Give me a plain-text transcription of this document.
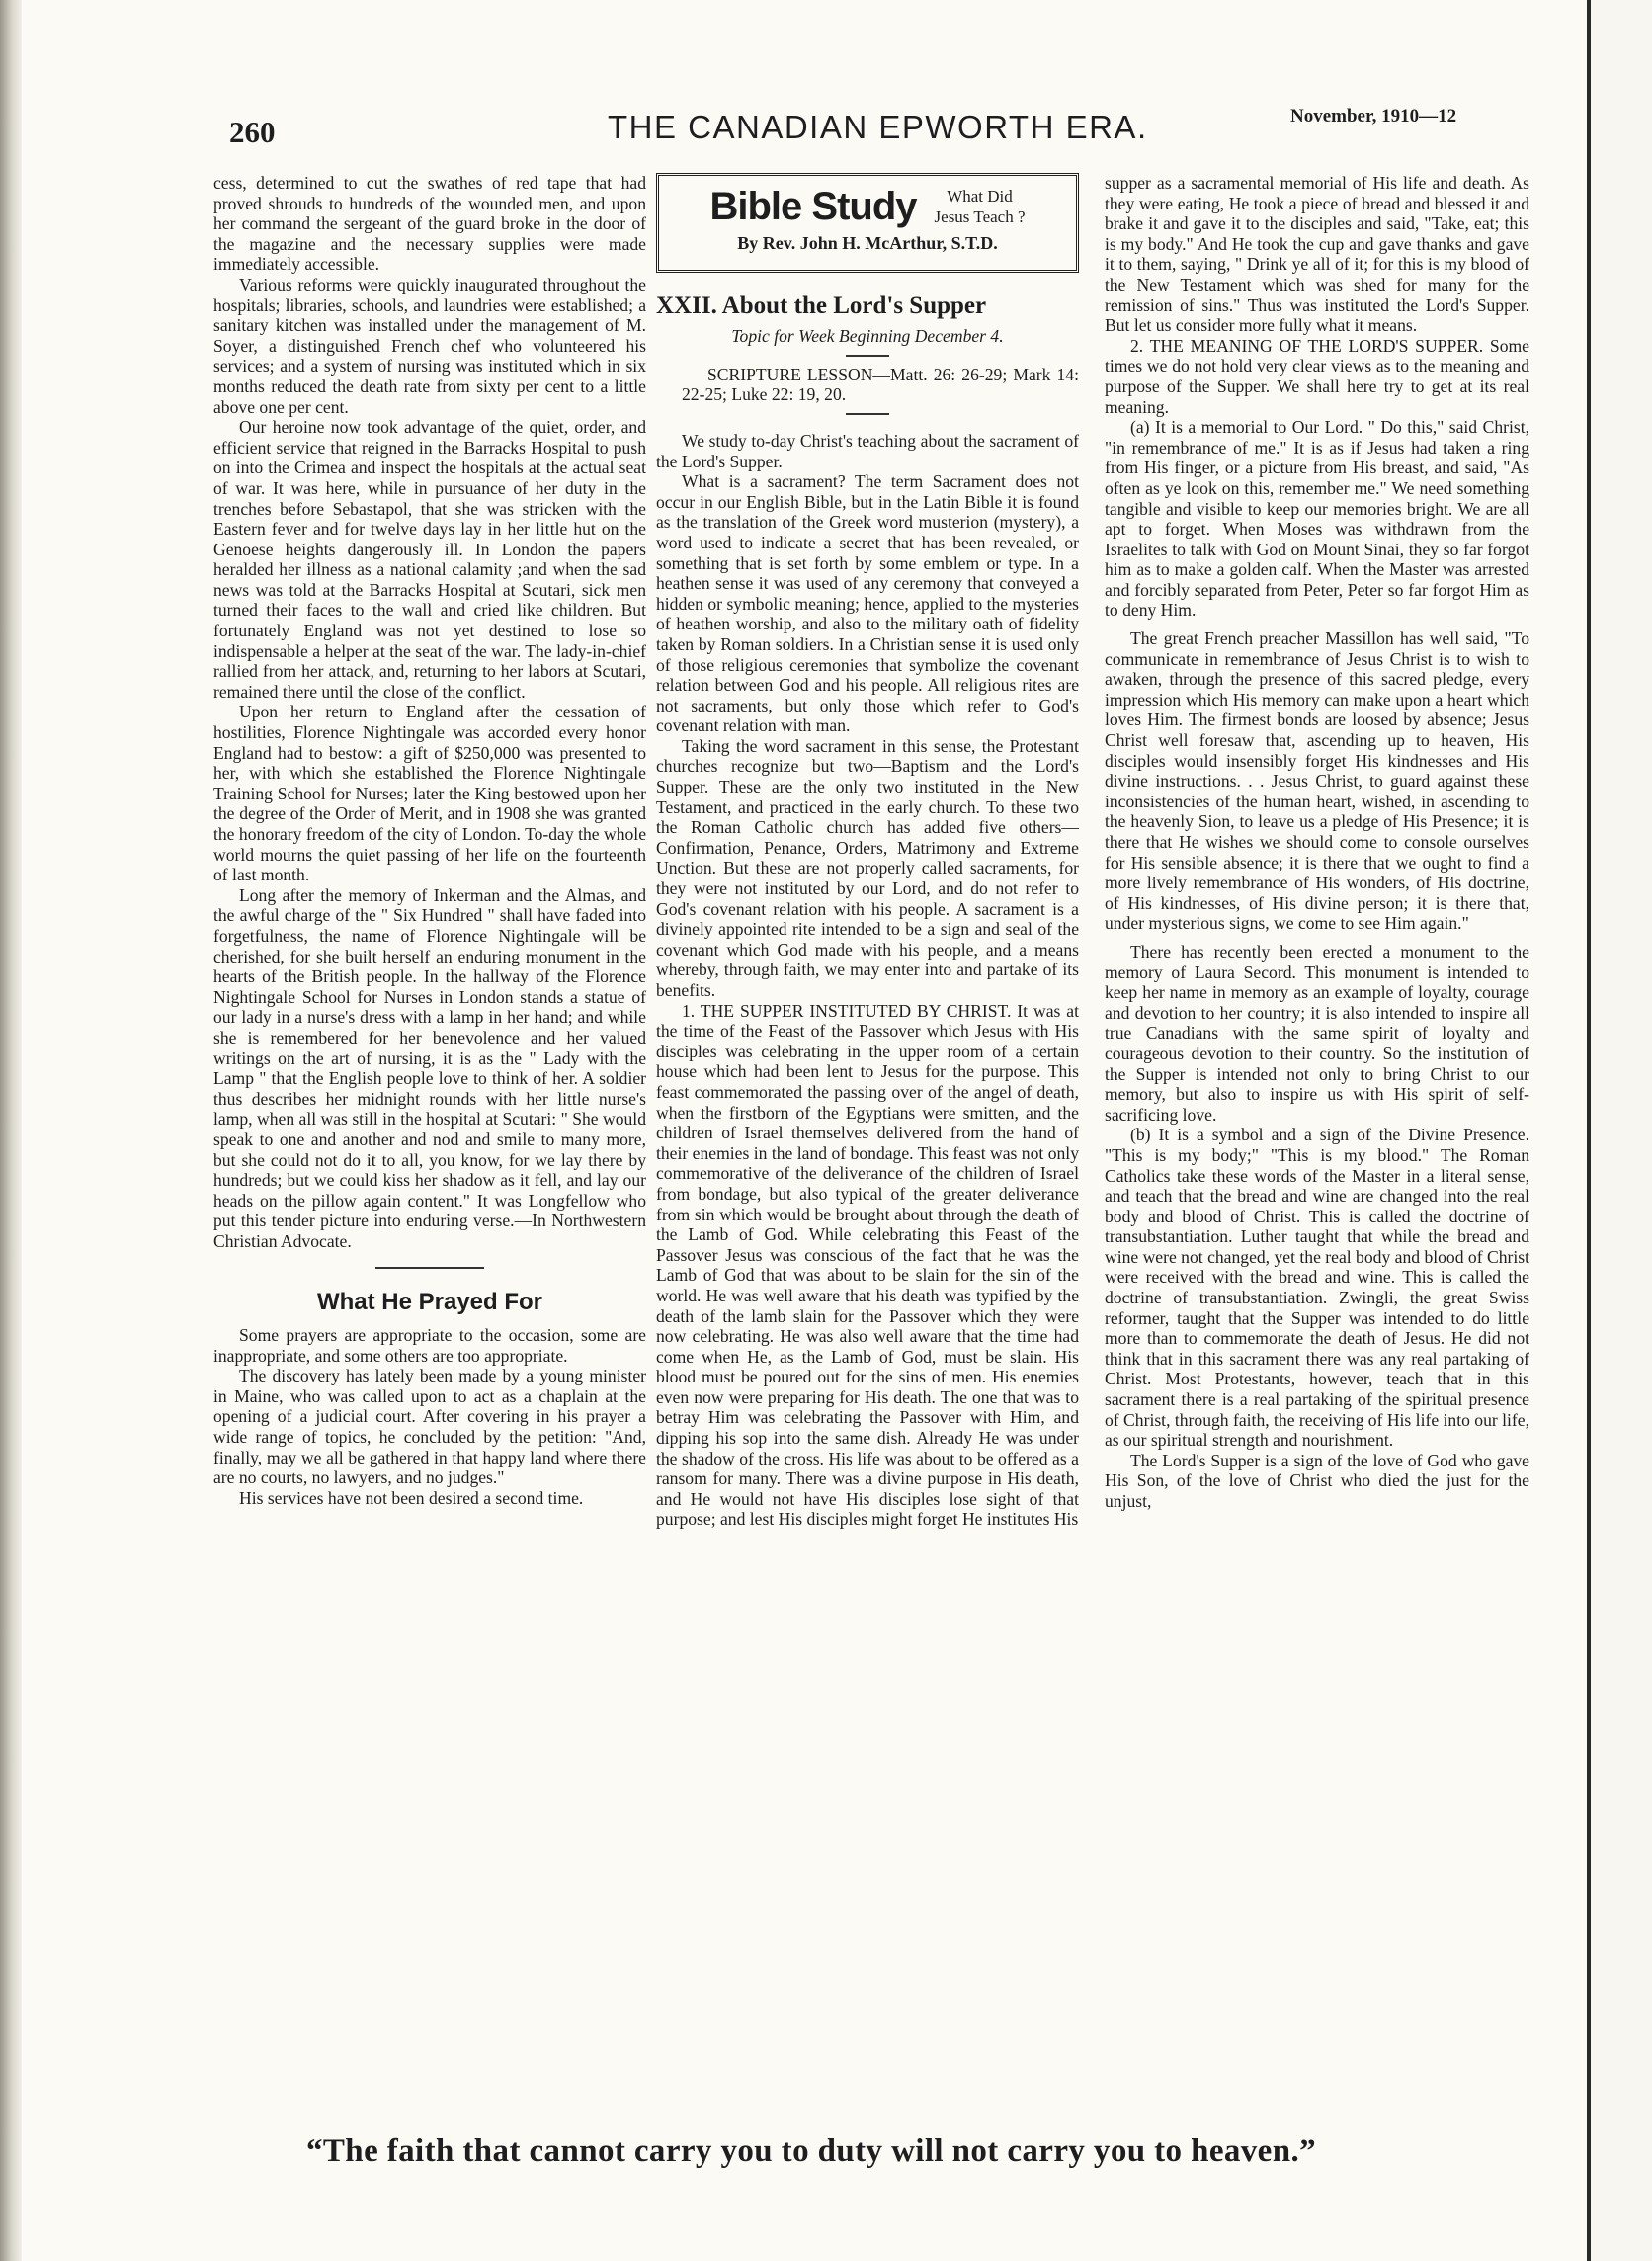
260	THE CANADIAN EPWORTH ERA.	November, 1910—12

cess, determined to cut the swathes of red tape that had proved shrouds to hundreds of the wounded men, and upon her command the sergeant of the guard broke in the door of the magazine and the necessary supplies were made immediately accessible.

Various reforms were quickly inaugurated throughout the hospitals; libraries, schools, and laundries were established; a sanitary kitchen was installed under the management of M. Soyer, a distinguished French chef who volunteered his services; and a system of nursing was instituted which in six months reduced the death rate from sixty per cent to a little above one per cent.

Our heroine now took advantage of the quiet, order, and efficient service that reigned in the Barracks Hospital to push on into the Crimea and inspect the hospitals at the actual seat of war. It was here, while in pursuance of her duty in the trenches before Sebastapol, that she was stricken with the Eastern fever and for twelve days lay in her little hut on the Genoese heights dangerously ill. In London the papers heralded her illness as a national calamity ;and when the sad news was told at the Barracks Hospital at Scutari, sick men turned their faces to the wall and cried like children. But fortunately England was not yet destined to lose so indispensable a helper at the seat of the war. The lady-in-chief rallied from her attack, and, returning to her labors at Scutari, remained there until the close of the conflict.

Upon her return to England after the cessation of hostilities, Florence Nightingale was accorded every honor England had to bestow: a gift of $250,000 was presented to her, with which she established the Florence Nightingale Training School for Nurses; later the King bestowed upon her the degree of the Order of Merit, and in 1908 she was granted the honorary freedom of the city of London. To-day the whole world mourns the quiet passing of her life on the fourteenth of last month.

Long after the memory of Inkerman and the Almas, and the awful charge of the " Six Hundred " shall have faded into forgetfulness, the name of Florence Nightingale will be cherished, for she built herself an enduring monument in the hearts of the British people. In the hallway of the Florence Nightingale School for Nurses in London stands a statue of our lady in a nurse's dress with a lamp in her hand; and while she is remembered for her benevolence and her valued writings on the art of nursing, it is as the " Lady with the Lamp " that the English people love to think of her. A soldier thus describes her midnight rounds with her little nurse's lamp, when all was still in the hospital at Scutari: " She would speak to one and another and nod and smile to many more, but she could not do it to all, you know, for we lay there by hundreds; but we could kiss her shadow as it fell, and lay our heads on the pillow again content." It was Longfellow who put this tender picture into enduring verse.—In Northwestern Christian Advocate.

What He Prayed For

Some prayers are appropriate to the occasion, some are inappropriate, and some others are too appropriate.

The discovery has lately been made by a young minister in Maine, who was called upon to act as a chaplain at the opening of a judicial court. After covering in his prayer a wide range of topics, he concluded by the petition: "And, finally, may we all be gathered in that happy land where there are no courts, no lawyers, and no judges."

His services have not been desired a second time.

Bible Study	What Did
Jesus Teach ?
By Rev. John H. McArthur, S.T.D.
XXII. About the Lord's Supper
Topic for Week Beginning December 4.

SCRIPTURE LESSON—Matt. 26: 26-29; Mark 14: 22-25; Luke 22: 19, 20.

We study to-day Christ's teaching about the sacrament of the Lord's Supper.

What is a sacrament? The term Sacrament does not occur in our English Bible, but in the Latin Bible it is found as the translation of the Greek word musterion (mystery), a word used to indicate a secret that has been revealed, or something that is set forth by some emblem or type. In a heathen sense it was used of any ceremony that conveyed a hidden or symbolic meaning; hence, applied to the mysteries of heathen worship, and also to the military oath of fidelity taken by Roman soldiers. In a Christian sense it is used only of those religious ceremonies that symbolize the covenant relation between God and his people. All religious rites are not sacraments, but only those which refer to God's covenant relation with man.

Taking the word sacrament in this sense, the Protestant churches recognize but two—Baptism and the Lord's Supper. These are the only two instituted in the New Testament, and practiced in the early church. To these two the Roman Catholic church has added five others—Confirmation, Penance, Orders, Matrimony and Extreme Unction. But these are not properly called sacraments, for they were not instituted by our Lord, and do not refer to God's covenant relation with his people. A sacrament is a divinely appointed rite intended to be a sign and seal of the covenant which God made with his people, and a means whereby, through faith, we may enter into and partake of its benefits.

1. THE SUPPER INSTITUTED BY CHRIST. It was at the time of the Feast of the Passover which Jesus with His disciples was celebrating in the upper room of a certain house which had been lent to Jesus for the purpose. This feast commemorated the passing over of the angel of death, when the firstborn of the Egyptians were smitten, and the children of Israel themselves delivered from the hand of their enemies in the land of bondage. This feast was not only commemorative of the deliverance of the children of Israel from bondage, but also typical of the greater deliverance from sin which would be brought about through the death of the Lamb of God. While celebrating this Feast of the Passover Jesus was conscious of the fact that he was the Lamb of God that was about to be slain for the sin of the world. He was well aware that his death was typified by the death of the lamb slain for the Passover which they were now celebrating. He was also well aware that the time had come when He, as the Lamb of God, must be slain. His blood must be poured out for the sins of men. His enemies even now were preparing for His death. The one that was to betray Him was celebrating the Passover with Him, and dipping his sop into the same dish. Already He was under the shadow of the cross. His life was about to be offered as a ransom for many. There was a divine purpose in His death, and He would not have His disciples lose sight of that purpose; and lest His disciples might forget He institutes His

supper as a sacramental memorial of His life and death. As they were eating, He took a piece of bread and blessed it and brake it and gave it to the disciples and said, "Take, eat; this is my body." And He took the cup and gave thanks and gave it to them, saying, " Drink ye all of it; for this is my blood of the New Testament which was shed for many for the remission of sins." Thus was instituted the Lord's Supper. But let us consider more fully what it means.

2. THE MEANING OF THE LORD'S SUPPER. Some times we do not hold very clear views as to the meaning and purpose of the Supper. We shall here try to get at its real meaning.

(a) It is a memorial to Our Lord. " Do this," said Christ, "in remembrance of me." It is as if Jesus had taken a ring from His finger, or a picture from His breast, and said, "As often as ye look on this, remember me." We need something tangible and visible to keep our memories bright. We are all apt to forget. When Moses was withdrawn from the Israelites to talk with God on Mount Sinai, they so far forgot him as to make a golden calf. When the Master was arrested and forcibly separated from Peter, Peter so far forgot Him as to deny Him.

The great French preacher Massillon has well said, "To communicate in remembrance of Jesus Christ is to wish to awaken, through the presence of this sacred pledge, every impression which His memory can make upon a heart which loves Him. The firmest bonds are loosed by absence; Jesus Christ well foresaw that, ascending up to heaven, His disciples would insensibly forget His kindnesses and His divine instructions. . . Jesus Christ, to guard against these inconsistencies of the human heart, wished, in ascending to the heavenly Sion, to leave us a pledge of His Presence; it is there that He wishes we should come to console ourselves for His sensible absence; it is there that we ought to find a more lively remembrance of His wonders, of His doctrine, of His kindnesses, of His divine person; it is there that, under mysterious signs, we come to see Him again."

There has recently been erected a monument to the memory of Laura Secord. This monument is intended to keep her name in memory as an example of loyalty, courage and devotion to her country; it is also intended to inspire all true Canadians with the same spirit of loyalty and courageous devotion to their country. So the institution of the Supper is intended not only to bring Christ to our memory, but also to inspire us with His spirit of self-sacrificing love.

(b) It is a symbol and a sign of the Divine Presence. "This is my body;" "This is my blood." The Roman Catholics take these words of the Master in a literal sense, and teach that the bread and wine are changed into the real body and blood of Christ. This is called the doctrine of transubstantiation. Luther taught that while the bread and wine were not changed, yet the real body and blood of Christ were received with the bread and wine. This is called the doctrine of transubstantiation. Zwingli, the great Swiss reformer, taught that the Supper was intended to do little more than to commemorate the death of Jesus. He did not think that in this sacrament there was any real partaking of Christ. Most Protestants, however, teach that in this sacrament there is a real partaking of the spiritual presence of Christ, through faith, the receiving of His life into our life, as our spiritual strength and nourishment.

The Lord's Supper is a sign of the love of God who gave His Son, of the love of Christ who died the just for the unjust,

“The faith that cannot carry you to duty will not carry you to heaven.”
